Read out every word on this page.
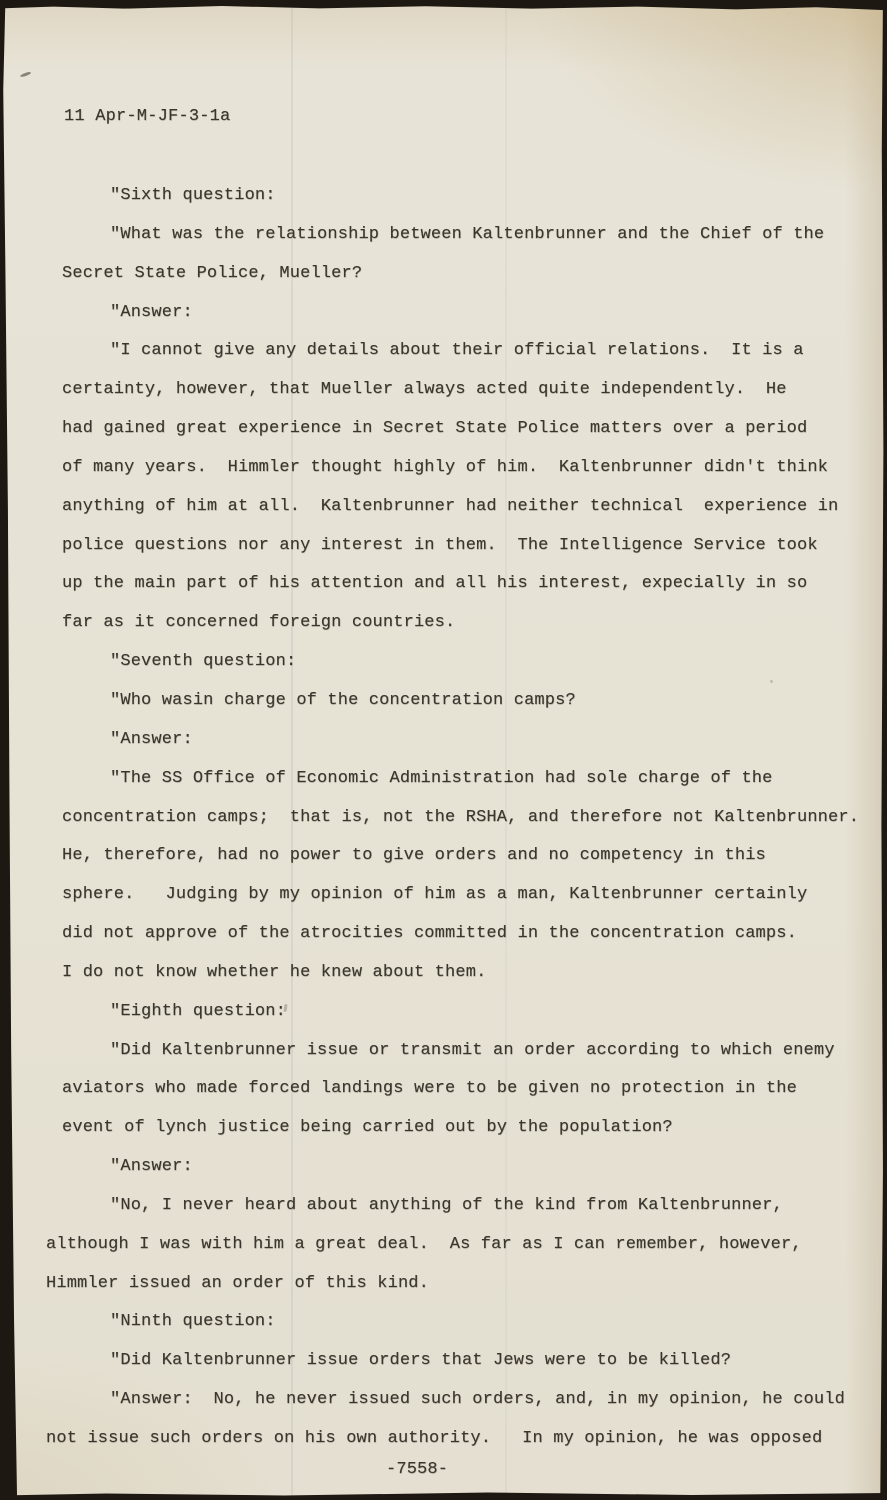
11 Apr-M-JF-3-1a
"Sixth question:
"What was the relationship between Kaltenbrunner and the Chief of the
Secret State Police, Mueller?
"Answer:
"I cannot give any details about their official relations.  It is a
certainty, however, that Mueller always acted quite independently.  He
had gained great experience in Secret State Police matters over a period
of many years.  Himmler thought highly of him.  Kaltenbrunner didn't think
anything of him at all.  Kaltenbrunner had neither technical  experience in
police questions nor any interest in them.  The Intelligence Service took
up the main part of his attention and all his interest, expecially in so
far as it concerned foreign countries.
"Seventh question:
"Who wasin charge of the concentration camps?
"Answer:
"The SS Office of Economic Administration had sole charge of the
concentration camps;  that is, not the RSHA, and therefore not Kaltenbrunner.
He, therefore, had no power to give orders and no competency in this
sphere.   Judging by my opinion of him as a man, Kaltenbrunner certainly
did not approve of the atrocities committed in the concentration camps.
I do not know whether he knew about them.
"Eighth question:
"Did Kaltenbrunner issue or transmit an order according to which enemy
aviators who made forced landings were to be given no protection in the
event of lynch justice being carried out by the population?
"Answer:
"No, I never heard about anything of the kind from Kaltenbrunner,
although I was with him a great deal.  As far as I can remember, however,
Himmler issued an order of this kind.
"Ninth question:
"Did Kaltenbrunner issue orders that Jews were to be killed?
"Answer:  No, he never issued such orders, and, in my opinion, he could
not issue such orders on his own authority.   In my opinion, he was opposed
-7558-
